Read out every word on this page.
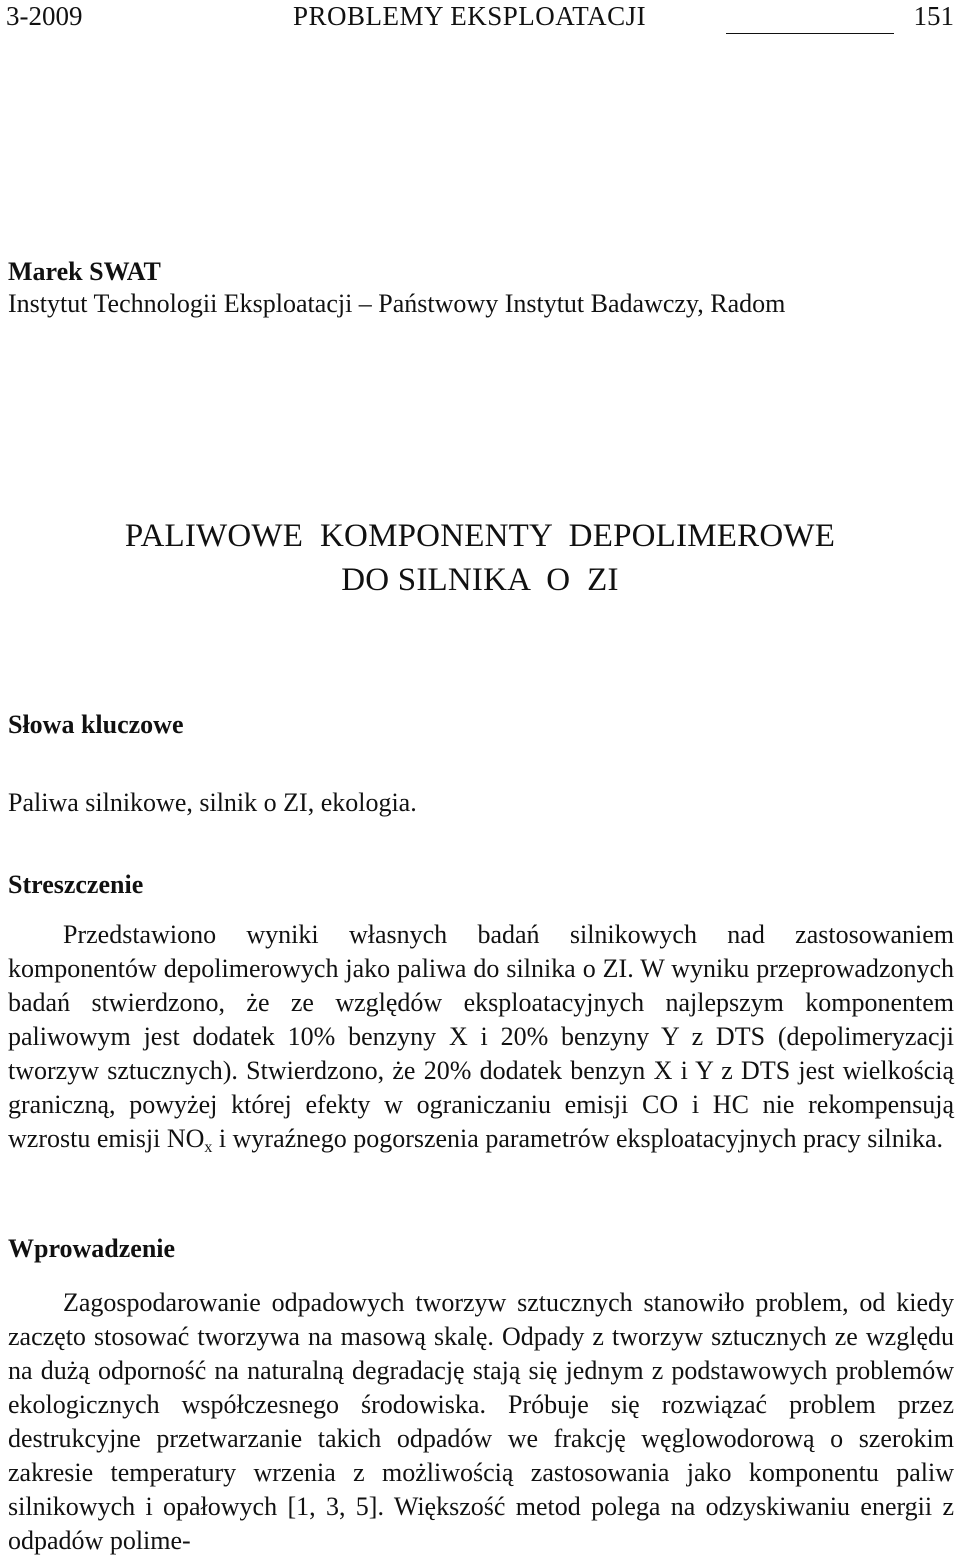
3-2009	PROBLEMY EKSPLOATACJI	151
Marek SWAT
Instytut Technologii Eksploatacji – Państwowy Instytut Badawczy, Radom
PALIWOWE  KOMPONENTY  DEPOLIMEROWE
DO SILNIKA  O  ZI
Słowa kluczowe
Paliwa silnikowe, silnik o ZI, ekologia.
Streszczenie
Przedstawiono wyniki własnych badań silnikowych nad zastosowaniem komponentów depolimerowych jako paliwa do silnika o ZI. W wyniku przeprowadzonych badań stwierdzono, że ze względów eksploatacyjnych najlepszym komponentem paliwowym jest dodatek 10% benzyny X i 20% benzyny Y z DTS (depolimeryzacji tworzyw sztucznych). Stwierdzono, że 20% dodatek benzyn X i Y z DTS jest wielkością graniczną, powyżej której efekty w ograniczaniu emisji CO i HC nie rekompensują wzrostu emisji $NO_x$ i wyraźnego pogorszenia parametrów eksploatacyjnych pracy silnika.
Wprowadzenie
Zagospodarowanie odpadowych tworzyw sztucznych stanowiło problem, od kiedy zaczęto stosować tworzywa na masową skalę. Odpady z tworzyw sztucznych ze względu na dużą odporność na naturalną degradację stają się jednym z podstawowych problemów ekologicznych współczesnego środowiska. Próbuje się rozwiązać problem przez destrukcyjne przetwarzanie takich odpadów we frakcję węglowodorową o szerokim zakresie temperatury wrzenia z możliwością zastosowania jako komponentu paliw silnikowych i opałowych [1, 3, 5]. Większość metod polega na odzyskiwaniu energii z odpadów polime-
